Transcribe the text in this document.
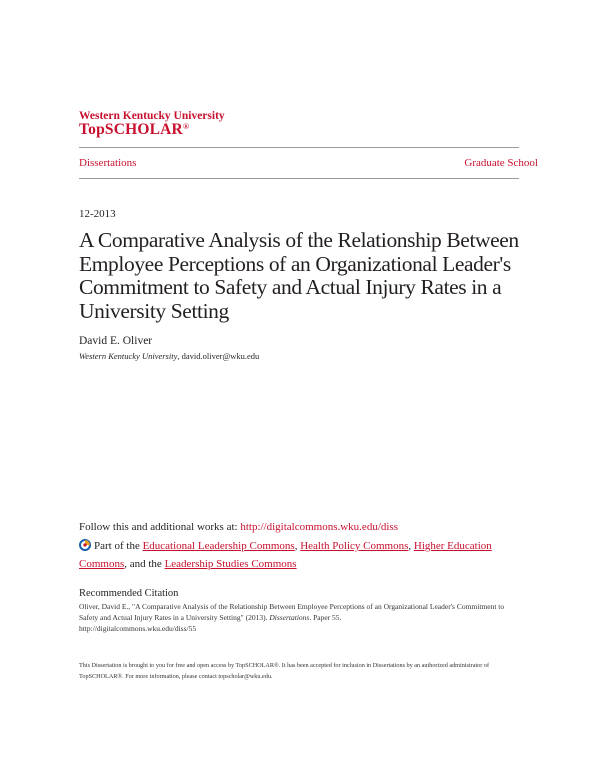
Western Kentucky University
TopSCHOLAR®
Dissertations	Graduate School
12-2013
A Comparative Analysis of the Relationship Between Employee Perceptions of an Organizational Leader's Commitment to Safety and Actual Injury Rates in a University Setting
David E. Oliver
Western Kentucky University, david.oliver@wku.edu
Follow this and additional works at: http://digitalcommons.wku.edu/diss
Part of the Educational Leadership Commons, Health Policy Commons, Higher Education Commons, and the Leadership Studies Commons
Recommended Citation
Oliver, David E., "A Comparative Analysis of the Relationship Between Employee Perceptions of an Organizational Leader's Commitment to Safety and Actual Injury Rates in a University Setting" (2013). Dissertations. Paper 55.
http://digitalcommons.wku.edu/diss/55
This Dissertation is brought to you for free and open access by TopSCHOLAR®. It has been accepted for inclusion in Dissertations by an authorized administrator of TopSCHOLAR®. For more information, please contact topscholar@wku.edu.
